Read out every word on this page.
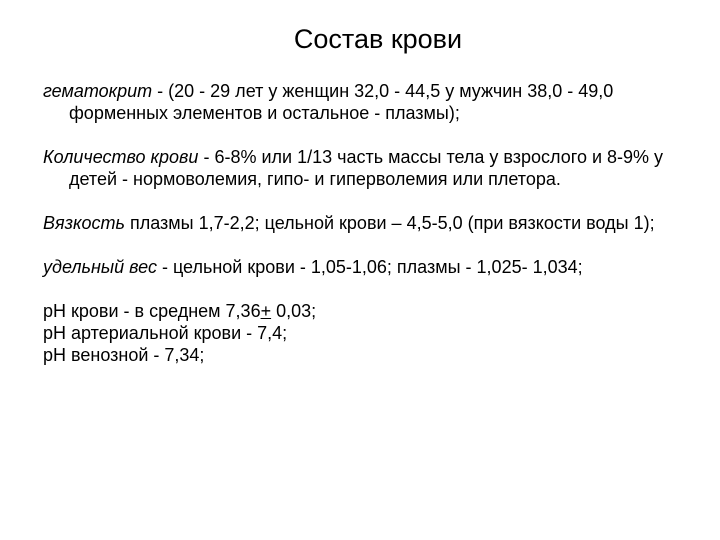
Состав крови

гематокрит - (20 - 29 лет у женщин 32,0 - 44,5 у мужчин 38,0 - 49,0 форменных элементов и остальное - плазмы);

Количество крови - 6-8% или 1/13 часть массы тела у взрослого и 8-9% у детей - нормоволемия, гипо- и гиперволемия или плетора.

Вязкость плазмы 1,7-2,2; цельной крови – 4,5-5,0 (при вязкости воды 1);

удельный вес - цельной крови - 1,05-1,06; плазмы - 1,025- 1,034;

рН крови - в среднем 7,36+ 0,03;

рН артериальной крови - 7,4;

рН венозной - 7,34;
